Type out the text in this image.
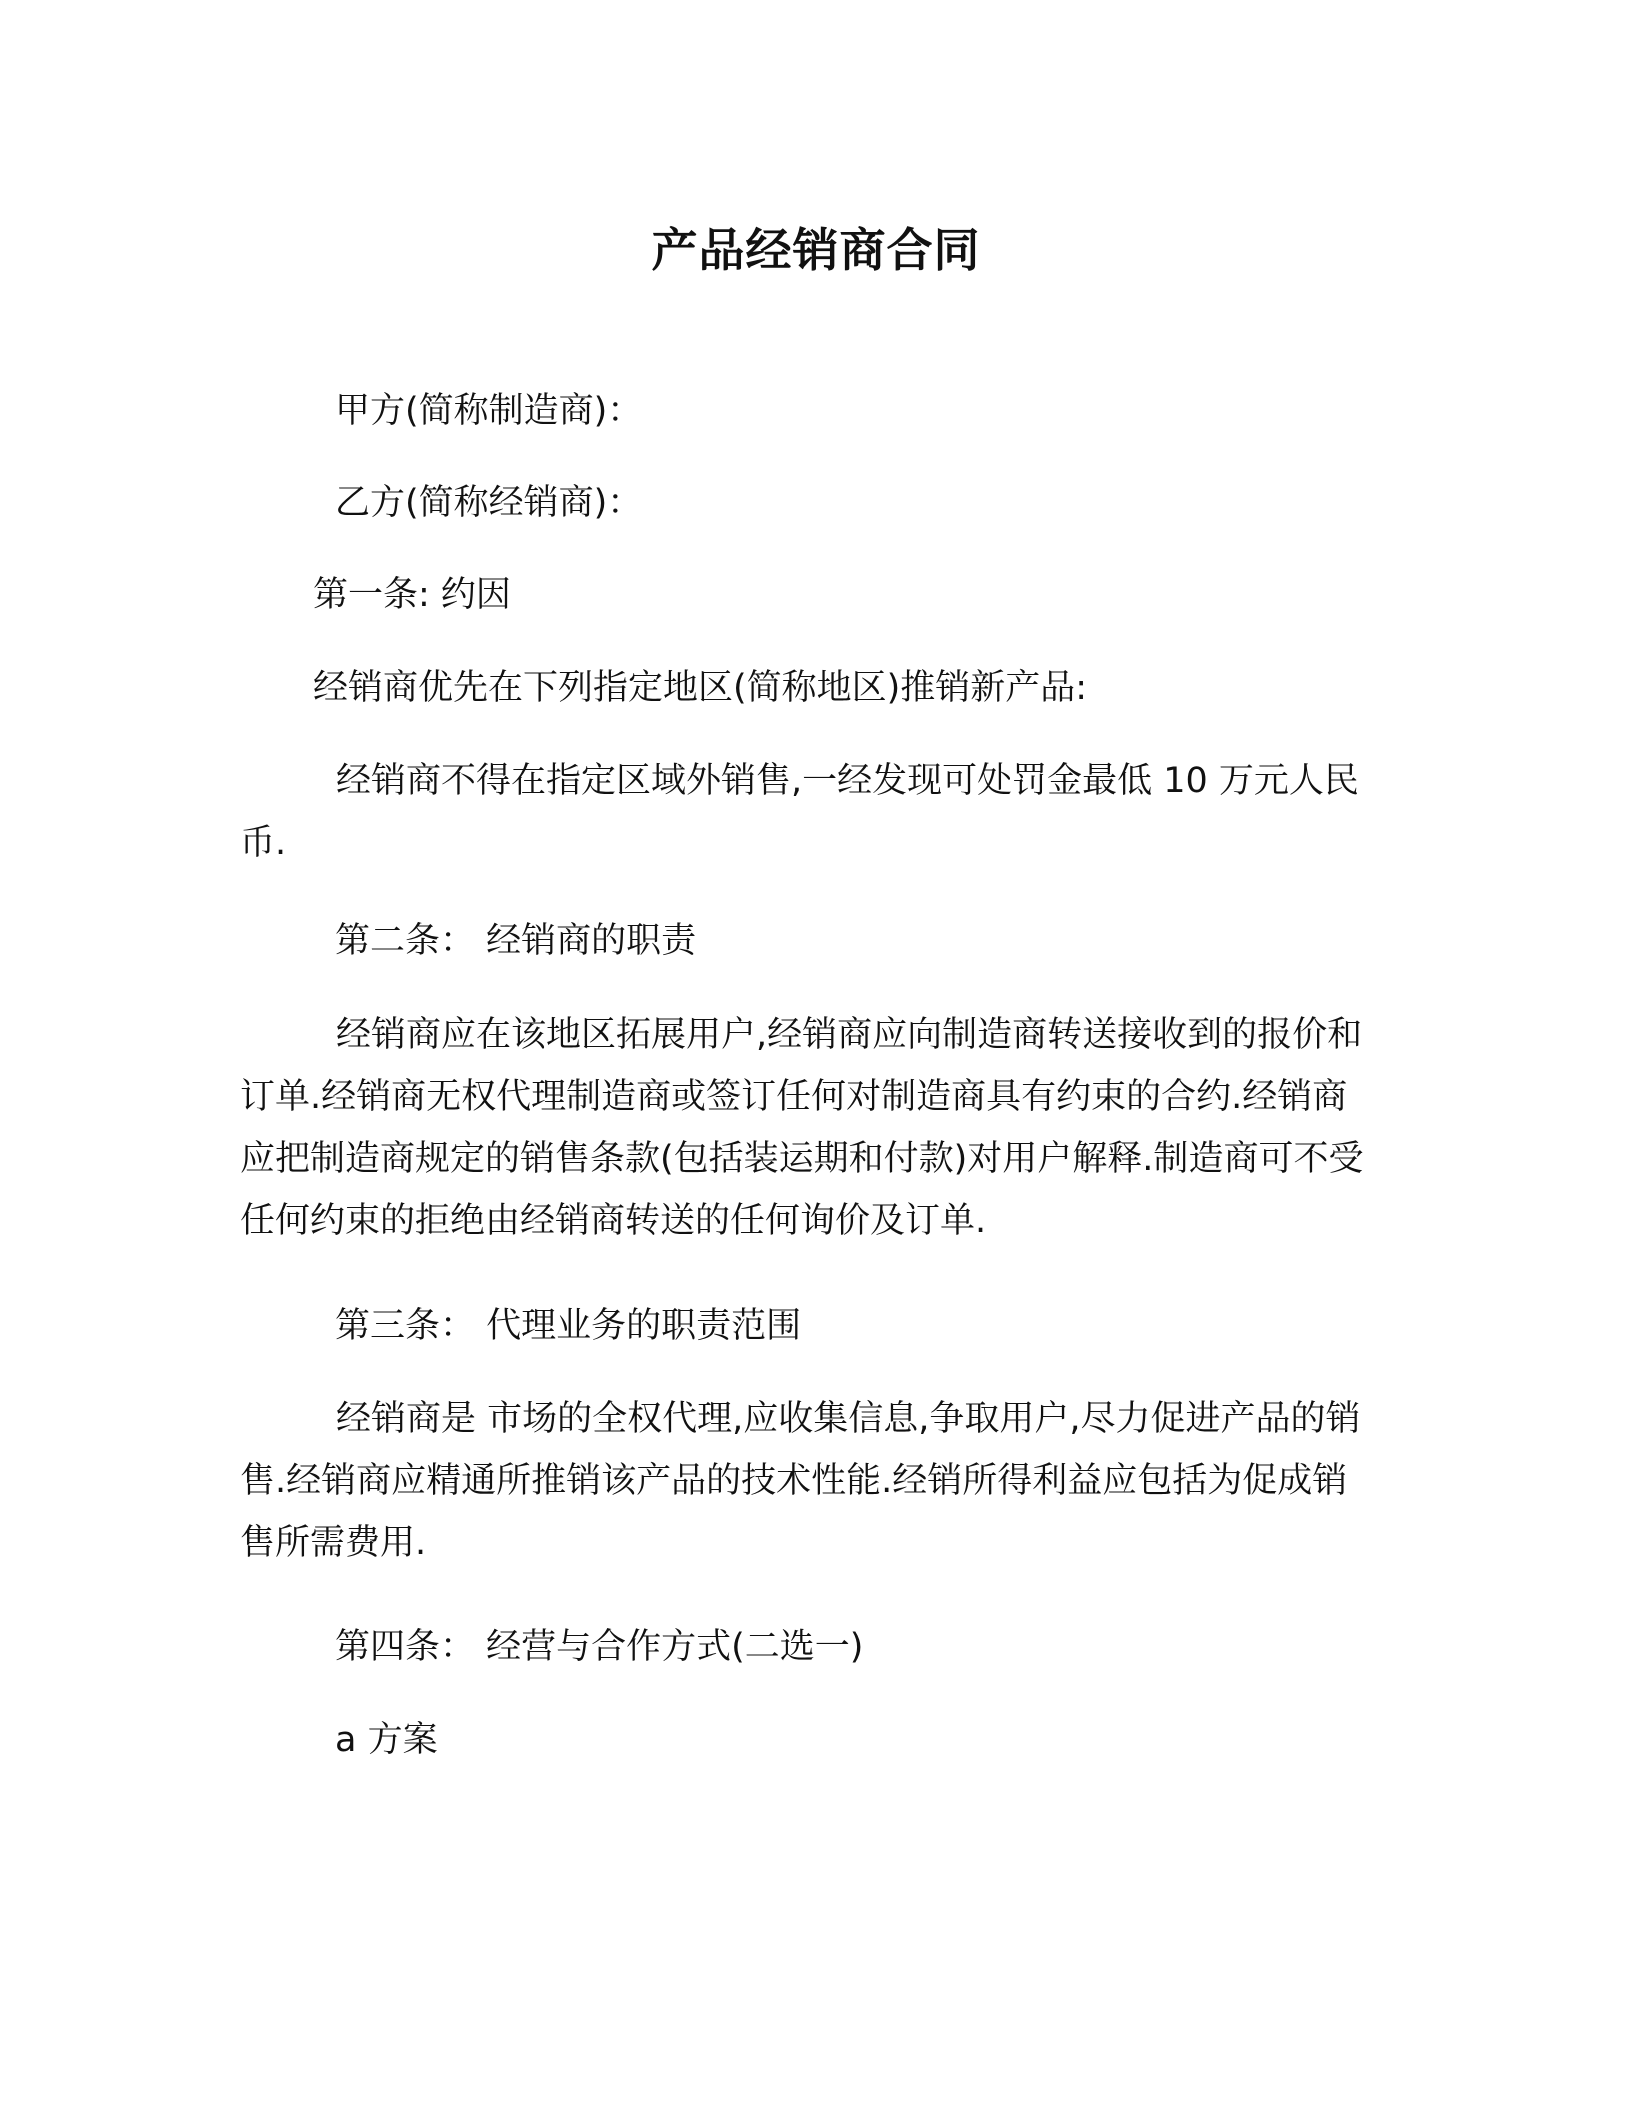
产品经销商合同
甲方(简称制造商)：
乙方(简称经销商)：
第一条: 约因
经销商优先在下列指定地区(简称地区)推销新产品:
经销商不得在指定区域外销售,一经发现可处罚金最低 10 万元人民币.
第二条： 经销商的职责
经销商应在该地区拓展用户,经销商应向制造商转送接收到的报价和订单.经销商无权代理制造商或签订任何对制造商具有约束的合约.经销商应把制造商规定的销售条款(包括装运期和付款)对用户解释.制造商可不受任何约束的拒绝由经销商转送的任何询价及订单.
第三条： 代理业务的职责范围
经销商是 市场的全权代理,应收集信息,争取用户,尽力促进产品的销售.经销商应精通所推销该产品的技术性能.经销所得利益应包括为促成销售所需费用.
第四条： 经营与合作方式(二选一)
a 方案
